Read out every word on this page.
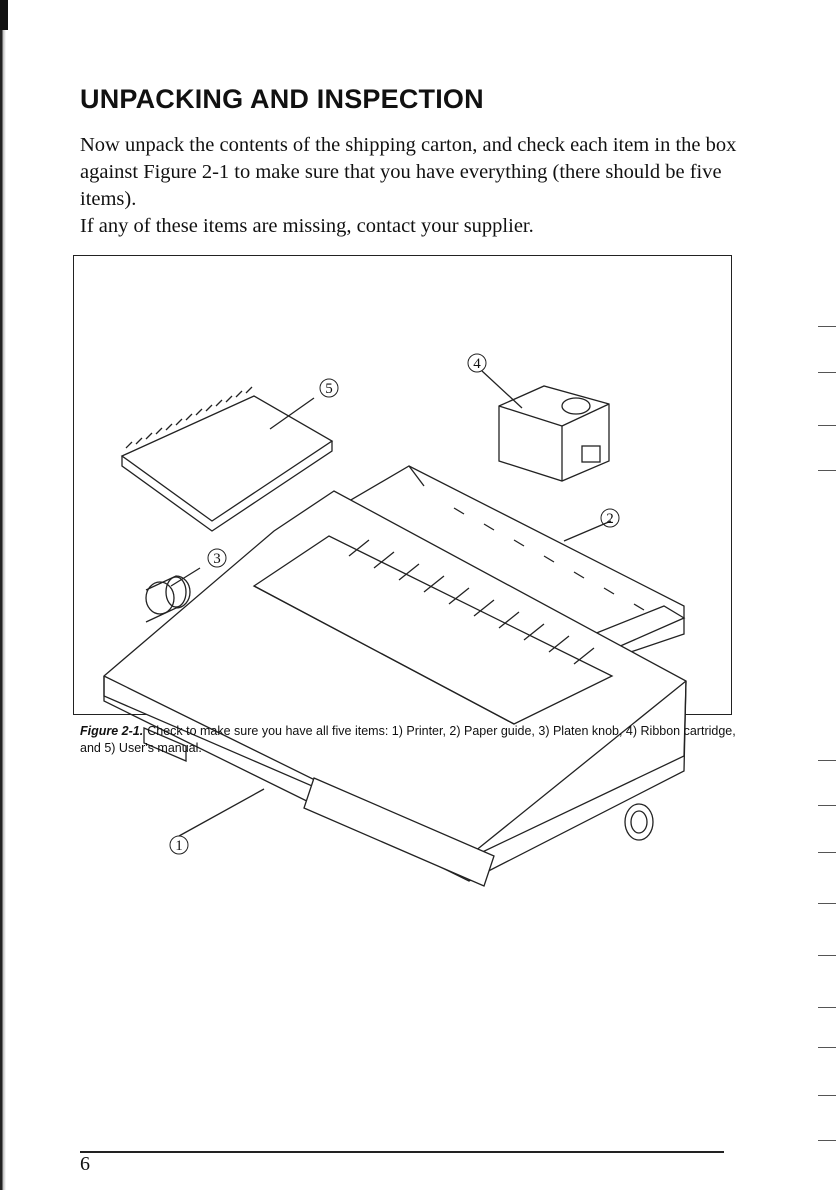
UNPACKING AND INSPECTION

Now unpack the contents of the shipping carton, and check each item in the box against Figure 2-1 to make sure that you have everything (there should be five items).

If any of these items are missing, contact your supplier.

1
2
3
4
5
Figure 2-1. Check to make sure you have all five items: 1) Printer, 2) Paper guide, 3) Platen knob, 4) Ribbon cartridge, and 5) User's manual.
6
